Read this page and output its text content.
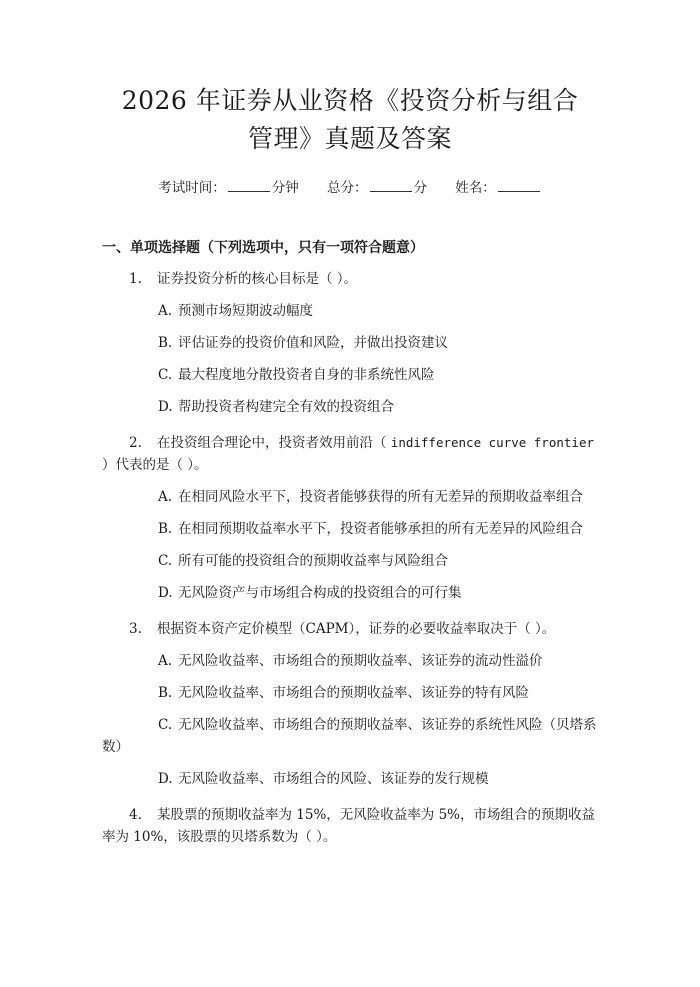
2026 年证券从业资格《投资分析与组合管理》真题及答案
考试时间：	分钟 总分：	分 姓名：
一、单项选择题（下列选项中，只有一项符合题意）

1. 证券投资分析的核心目标是（ ）。

A. 预测市场短期波动幅度

B. 评估证券的投资价值和风险，并做出投资建议

C. 最大程度地分散投资者自身的非系统性风险

D. 帮助投资者构建完全有效的投资组合

2. 在投资组合理论中，投资者效用前沿（ indifference curve frontier ）代表的是（ ）。

A. 在相同风险水平下，投资者能够获得的所有无差异的预期收益率组合

B. 在相同预期收益率水平下，投资者能够承担的所有无差异的风险组合

C. 所有可能的投资组合的预期收益率与风险组合

D. 无风险资产与市场组合构成的投资组合的可行集

3. 根据资本资产定价模型（CAPM），证券的必要收益率取决于（ ）。

A. 无风险收益率、市场组合的预期收益率、该证券的流动性溢价

B. 无风险收益率、市场组合的预期收益率、该证券的特有风险

C. 无风险收益率、市场组合的预期收益率、该证券的系统性风险（贝塔系数）

D. 无风险收益率、市场组合的风险、该证券的发行规模

4. 某股票的预期收益率为 15%，无风险收益率为 5%，市场组合的预期收益率为 10%，该股票的贝塔系数为（ ）。
